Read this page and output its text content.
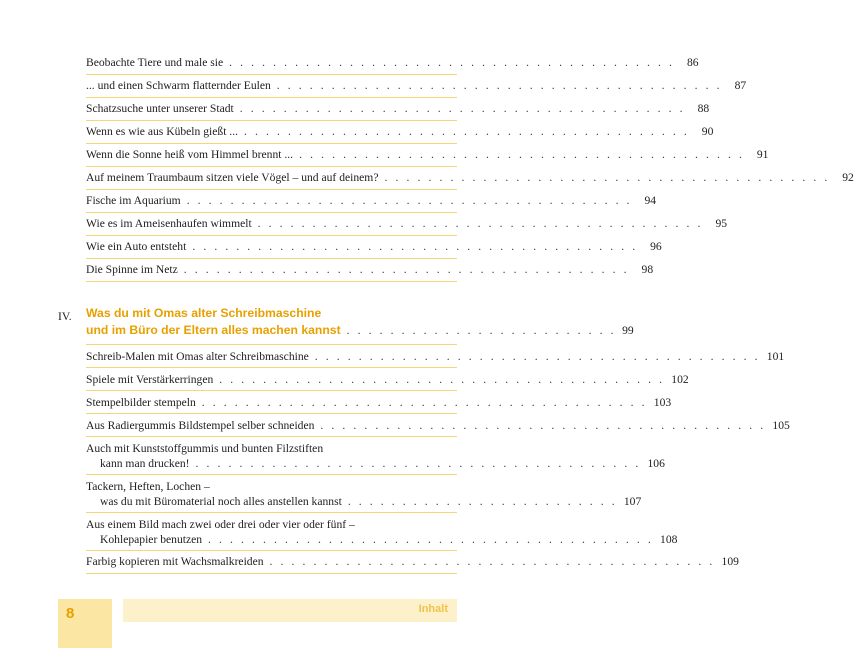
Beobachte Tiere und male sie . . . . . . . . . . . . . . . . . . . . . . . . . . . . . . . . . . . . . . . . .	86
... und einen Schwarm flatternder Eulen . . . . . . . . . . . . . . . . . . . . . . . . . . . . . . . . . . . . . . . . .	87
Schatzsuche unter unserer Stadt . . . . . . . . . . . . . . . . . . . . . . . . . . . . . . . . . . . . . . . . .	88
Wenn es wie aus Kübeln gießt ... . . . . . . . . . . . . . . . . . . . . . . . . . . . . . . . . . . . . . . . . .	90
Wenn die Sonne heiß vom Himmel brennt ... . . . . . . . . . . . . . . . . . . . . . . . . . . . . . . . . . . . . . . . . .	91
Auf meinem Traumbaum sitzen viele Vögel – und auf deinem? . . . . . . . . . . . . . . . . . . . . . . . . . . . . . . . . . . . . . . . . .	92
Fische im Aquarium . . . . . . . . . . . . . . . . . . . . . . . . . . . . . . . . . . . . . . . . .	94
Wie es im Ameisenhaufen wimmelt . . . . . . . . . . . . . . . . . . . . . . . . . . . . . . . . . . . . . . . . .	95
Wie ein Auto entsteht . . . . . . . . . . . . . . . . . . . . . . . . . . . . . . . . . . . . . . . . .	96
Die Spinne im Netz . . . . . . . . . . . . . . . . . . . . . . . . . . . . . . . . . . . . . . . . .	98
IV. Was du mit Omas alter Schreibmaschine
und im Büro der Eltern alles machen kannst . . . . . . . . . . . . . . . . . . . . . . . . . 99
Schreib-Malen mit Omas alter Schreibmaschine . . . . . . . . . . . . . . . . . . . . . . . . . . . . . . . . . . . . . . . . . 101
Spiele mit Verstärkerringen . . . . . . . . . . . . . . . . . . . . . . . . . . . . . . . . . . . . . . . . . 102
Stempelbilder stempeln . . . . . . . . . . . . . . . . . . . . . . . . . . . . . . . . . . . . . . . . . 103
Aus Radiergummis Bildstempel selber schneiden . . . . . . . . . . . . . . . . . . . . . . . . . . . . . . . . . . . . . . . . . 105
Auch mit Kunststoffgummis und bunten Filzstiften
kann man drucken! . . . . . . . . . . . . . . . . . . . . . . . . . . . . . . . . . . . . . . . . . 106
Tackern, Heften, Lochen –
was du mit Büromaterial noch alles anstellen kannst . . . . . . . . . . . . . . . . . . . . . . . . . 107
Aus einem Bild mach zwei oder drei oder vier oder fünf –
Kohlepapier benutzen . . . . . . . . . . . . . . . . . . . . . . . . . . . . . . . . . . . . . . . . . 108
Farbig kopieren mit Wachsmalkreiden . . . . . . . . . . . . . . . . . . . . . . . . . . . . . . . . . . . . . . . . . 109
8	Inhalt
